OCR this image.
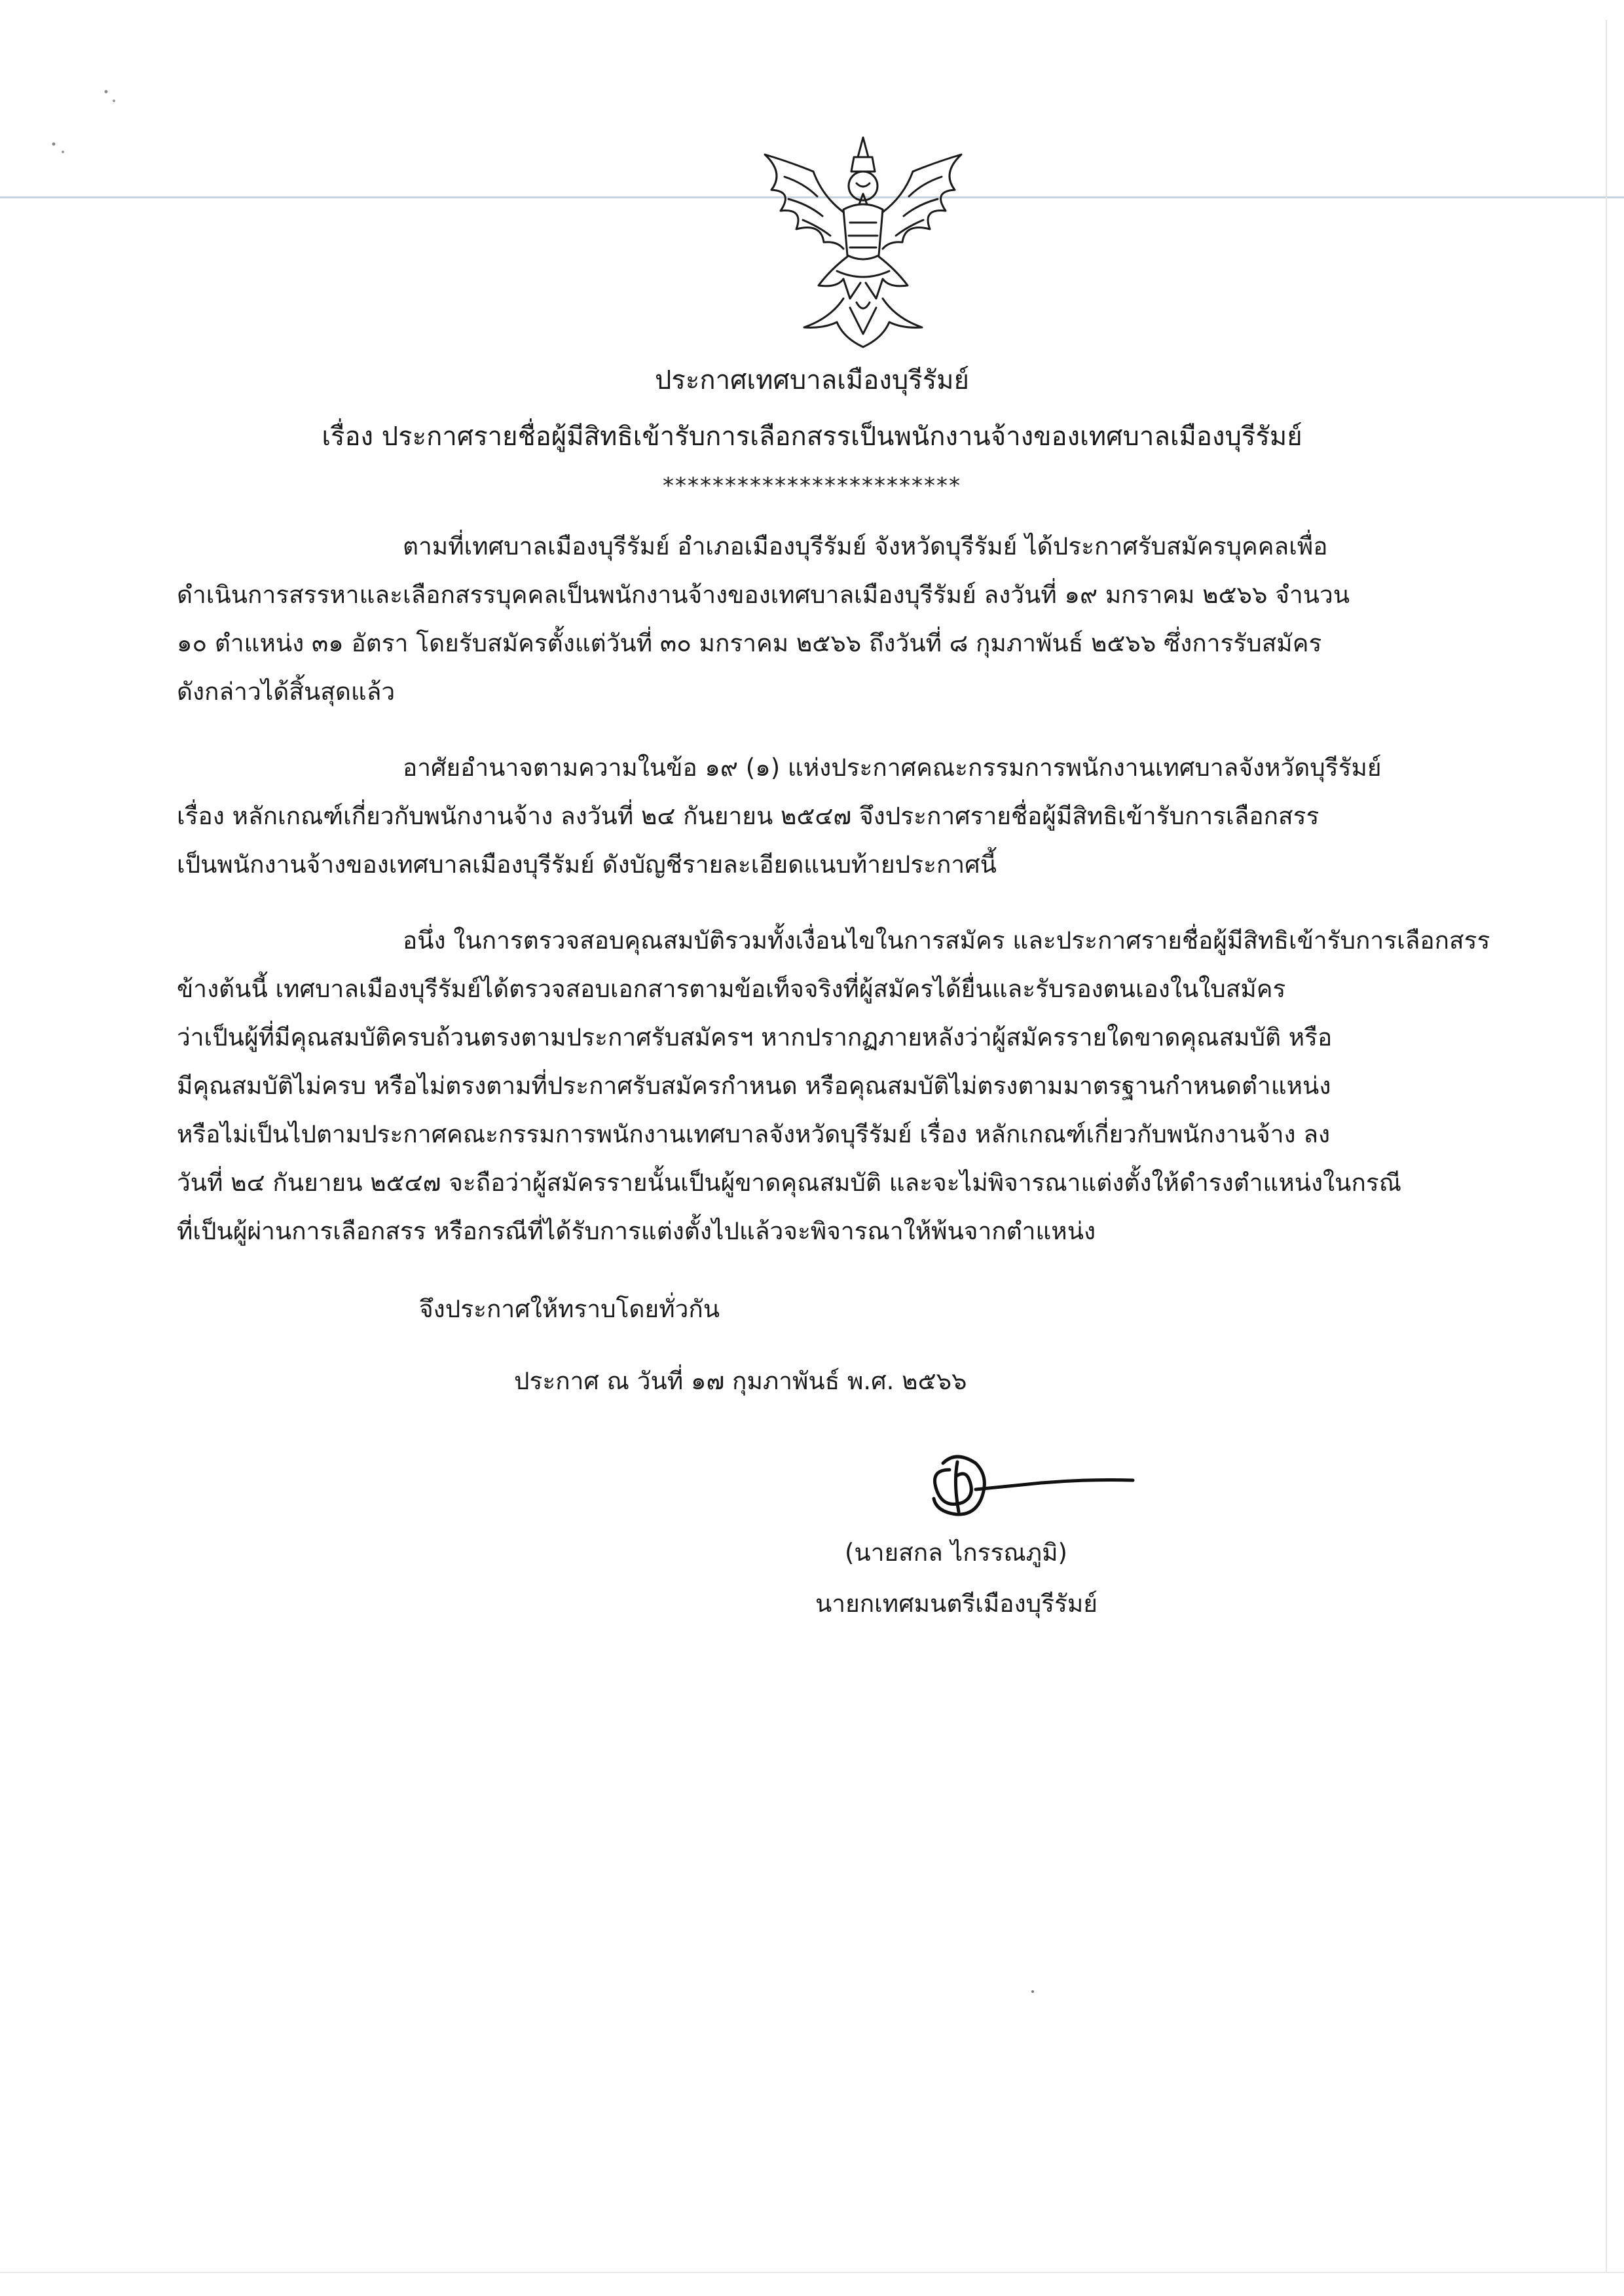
ประกาศเทศบาลเมืองบุรีรัมย์
เรื่อง ประกาศรายชื่อผู้มีสิทธิเข้ารับการเลือกสรรเป็นพนักงานจ้างของเทศบาลเมืองบุรีรัมย์
************************
ตามที่เทศบาลเมืองบุรีรัมย์ อำเภอเมืองบุรีรัมย์ จังหวัดบุรีรัมย์ ได้ประกาศรับสมัครบุคคลเพื่อ
ดำเนินการสรรหาและเลือกสรรบุคคลเป็นพนักงานจ้างของเทศบาลเมืองบุรีรัมย์ ลงวันที่ ๑๙ มกราคม ๒๕๖๖ จำนวน
๑๐ ตำแหน่ง ๓๑ อัตรา โดยรับสมัครตั้งแต่วันที่ ๓๐ มกราคม ๒๕๖๖ ถึงวันที่ ๘ กุมภาพันธ์ ๒๕๖๖ ซึ่งการรับสมัคร
ดังกล่าวได้สิ้นสุดแล้ว
อาศัยอำนาจตามความในข้อ ๑๙ (๑) แห่งประกาศคณะกรรมการพนักงานเทศบาลจังหวัดบุรีรัมย์
เรื่อง หลักเกณฑ์เกี่ยวกับพนักงานจ้าง ลงวันที่ ๒๔ กันยายน ๒๕๔๗ จึงประกาศรายชื่อผู้มีสิทธิเข้ารับการเลือกสรร
เป็นพนักงานจ้างของเทศบาลเมืองบุรีรัมย์ ดังบัญชีรายละเอียดแนบท้ายประกาศนี้
อนึ่ง ในการตรวจสอบคุณสมบัติรวมทั้งเงื่อนไขในการสมัคร และประกาศรายชื่อผู้มีสิทธิเข้ารับการเลือกสรร
ข้างต้นนี้ เทศบาลเมืองบุรีรัมย์ได้ตรวจสอบเอกสารตามข้อเท็จจริงที่ผู้สมัครได้ยื่นและรับรองตนเองในใบสมัคร
ว่าเป็นผู้ที่มีคุณสมบัติครบถ้วนตรงตามประกาศรับสมัครฯ หากปรากฏภายหลังว่าผู้สมัครรายใดขาดคุณสมบัติ หรือ
มีคุณสมบัติไม่ครบ หรือไม่ตรงตามที่ประกาศรับสมัครกำหนด หรือคุณสมบัติไม่ตรงตามมาตรฐานกำหนดตำแหน่ง
หรือไม่เป็นไปตามประกาศคณะกรรมการพนักงานเทศบาลจังหวัดบุรีรัมย์ เรื่อง หลักเกณฑ์เกี่ยวกับพนักงานจ้าง ลง
วันที่ ๒๔ กันยายน ๒๕๔๗ จะถือว่าผู้สมัครรายนั้นเป็นผู้ขาดคุณสมบัติ และจะไม่พิจารณาแต่งตั้งให้ดำรงตำแหน่งในกรณี
ที่เป็นผู้ผ่านการเลือกสรร หรือกรณีที่ได้รับการแต่งตั้งไปแล้วจะพิจารณาให้พ้นจากตำแหน่ง
จึงประกาศให้ทราบโดยทั่วกัน
ประกาศ ณ วันที่ ๑๗ กุมภาพันธ์ พ.ศ. ๒๕๖๖
(นายสกล ไกรรณภูมิ)
นายกเทศมนตรีเมืองบุรีรัมย์
